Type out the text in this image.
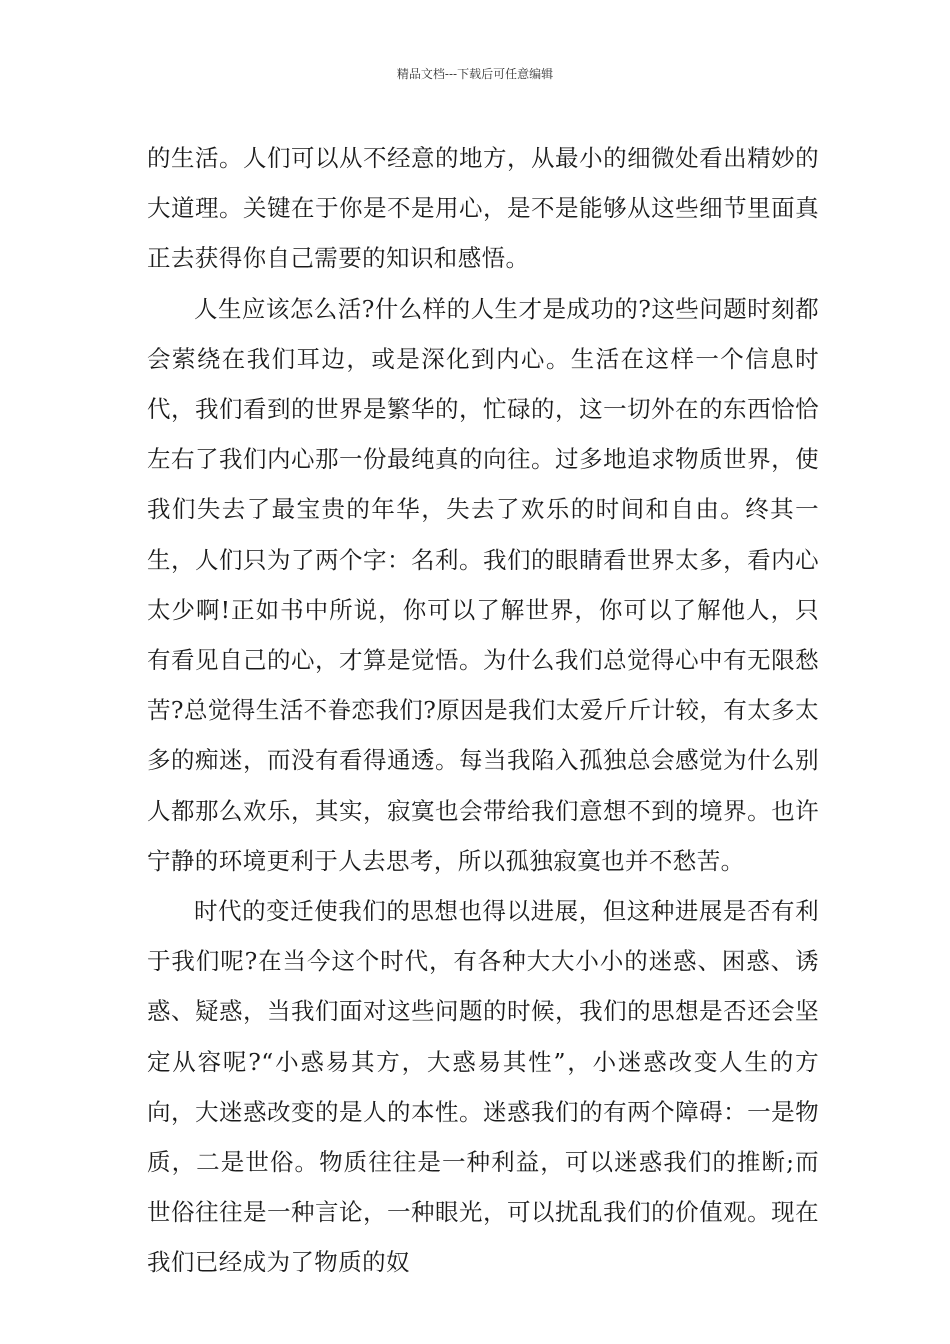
精品文档---下载后可任意编辑

的生活。人们可以从不经意的地方，从最小的细微处看出精妙的大道理。关键在于你是不是用心，是不是能够从这些细节里面真正去获得你自己需要的知识和感悟。

人生应该怎么活?什么样的人生才是成功的?这些问题时刻都会萦绕在我们耳边，或是深化到内心。生活在这样一个信息时代，我们看到的世界是繁华的，忙碌的，这一切外在的东西恰恰左右了我们内心那一份最纯真的向往。过多地追求物质世界，使我们失去了最宝贵的年华，失去了欢乐的时间和自由。终其一生，人们只为了两个字：名利。我们的眼睛看世界太多，看内心太少啊!正如书中所说，你可以了解世界，你可以了解他人，只有看见自己的心，才算是觉悟。为什么我们总觉得心中有无限愁苦?总觉得生活不眷恋我们?原因是我们太爱斤斤计较，有太多太多的痴迷，而没有看得通透。每当我陷入孤独总会感觉为什么别人都那么欢乐，其实，寂寞也会带给我们意想不到的境界。也许宁静的环境更利于人去思考，所以孤独寂寞也并不愁苦。

时代的变迁使我们的思想也得以进展，但这种进展是否有利于我们呢?在当今这个时代，有各种大大小小的迷惑、困惑、诱惑、疑惑，当我们面对这些问题的时候，我们的思想是否还会坚定从容呢?“小惑易其方，大惑易其性”，小迷惑改变人生的方向，大迷惑改变的是人的本性。迷惑我们的有两个障碍：一是物质，二是世俗。物质往往是一种利益，可以迷惑我们的推断;而世俗往往是一种言论，一种眼光，可以扰乱我们的价值观。现在我们已经成为了物质的奴
